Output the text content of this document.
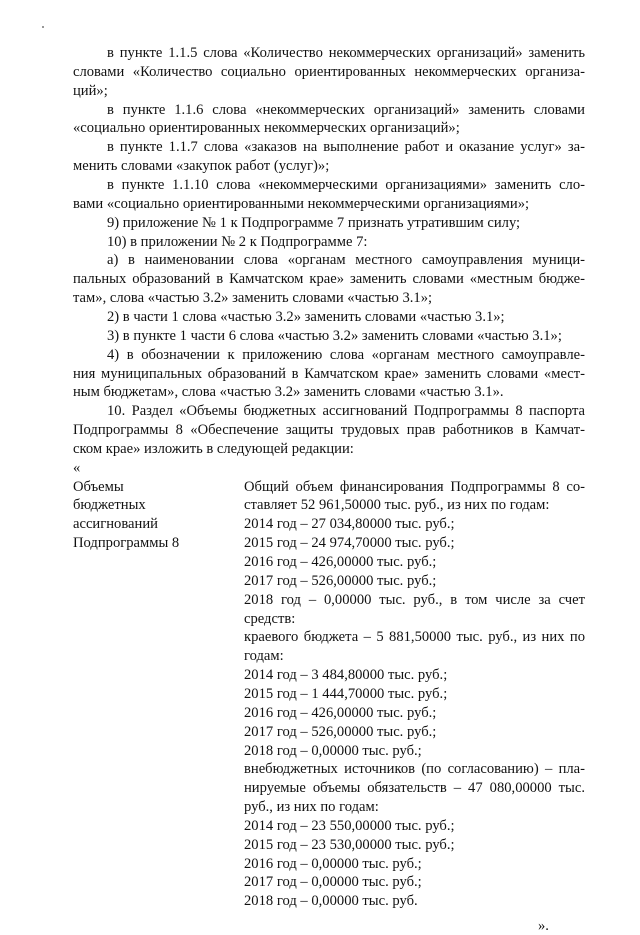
в пункте 1.1.5 слова «Количество некоммерческих организаций» заменить
словами «Количество социально ориентированных некоммерческих организа-
ций»;
в пункте 1.1.6 слова «некоммерческих организаций» заменить словами
«социально ориентированных некоммерческих организаций»;
в пункте 1.1.7 слова «заказов на выполнение работ и оказание услуг» за-
менить словами «закупок работ (услуг)»;
в пункте 1.1.10 слова «некоммерческими организациями» заменить сло-
вами «социально ориентированными некоммерческими организациями»;
9) приложение № 1 к Подпрограмме 7 признать утратившим силу;
10) в приложении № 2 к Подпрограмме 7:
а) в наименовании слова «органам местного самоуправления муници-
пальных образований в Камчатском крае» заменить словами «местным бюдже-
там», слова «частью 3.2» заменить словами «частью 3.1»;
2) в части 1 слова «частью 3.2» заменить словами «частью 3.1»;
3) в пункте 1 части 6 слова «частью 3.2» заменить словами «частью 3.1»;
4) в обозначении к приложению слова «органам местного самоуправле-
ния муниципальных образований в Камчатском крае» заменить словами «мест-
ным бюджетам», слова «частью 3.2» заменить словами «частью 3.1».
10. Раздел «Объемы бюджетных ассигнований Подпрограммы 8 паспорта
Подпрограммы 8 «Обеспечение защиты трудовых прав работников в Камчат-
ском крае» изложить в следующей редакции:
«
Объемы
бюджетных
ассигнований
Подпрограммы 8
Общий объем финансирования Подпрограммы 8 со-
ставляет 52 961,50000 тыс. руб., из них по годам:
2014 год – 27 034,80000 тыс. руб.;
2015 год – 24 974,70000 тыс. руб.;
2016 год – 426,00000 тыс. руб.;
2017 год – 526,00000 тыс. руб.;
2018 год – 0,00000 тыс. руб., в том числе за счет
средств:
краевого бюджета – 5 881,50000 тыс. руб., из них по
годам:
2014 год – 3 484,80000 тыс. руб.;
2015 год – 1 444,70000 тыс. руб.;
2016 год – 426,00000 тыс. руб.;
2017 год – 526,00000 тыс. руб.;
2018 год – 0,00000 тыс. руб.;
внебюджетных источников (по согласованию) – пла-
нируемые объемы обязательств – 47 080,00000 тыс.
руб., из них по годам:
2014 год – 23 550,00000 тыс. руб.;
2015 год – 23 530,00000 тыс. руб.;
2016 год – 0,00000 тыс. руб.;
2017 год – 0,00000 тыс. руб.;
2018 год – 0,00000 тыс. руб.
».
